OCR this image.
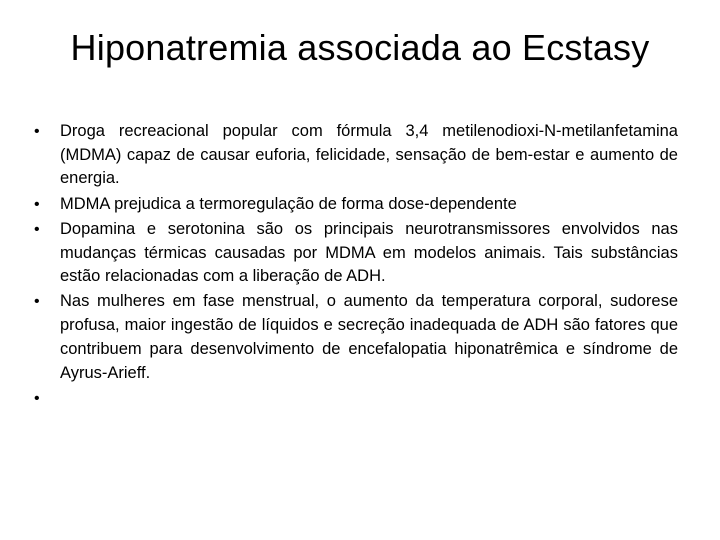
Hiponatremia associada ao Ecstasy
• Droga recreacional popular com fórmula 3,4 metilenodioxi-N-metilanfetamina (MDMA) capaz de causar euforia, felicidade, sensação de bem-estar e aumento de energia.
• MDMA prejudica a termoregulação de forma dose-dependente
• Dopamina e serotonina são os principais neurotransmissores envolvidos nas mudanças térmicas causadas por MDMA em modelos animais. Tais substâncias estão relacionadas com a liberação de ADH.
• Nas mulheres em fase menstrual, o aumento da temperatura corporal, sudorese profusa, maior ingestão de líquidos e secreção inadequada de ADH são fatores que contribuem para desenvolvimento de encefalopatia hiponatrêmica e síndrome de Ayrus-Arieff.
•
